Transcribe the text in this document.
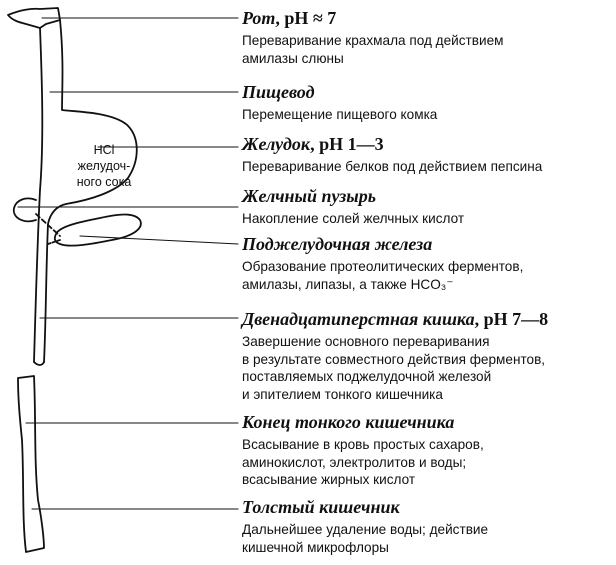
HCl
желудоч-
ного сока
Рот, pH ≈ 7
Переваривание крахмала под действием
амилазы слюны
Пищевод
Перемещение пищевого комка
Желудок, pH 1—3
Переваривание белков под действием пепсина
Желчный пузырь
Накопление солей желчных кислот
Поджелудочная железа
Образование протеолитических ферментов,
амилазы, липазы, а также HCO₃⁻
Двенадцатиперстная кишка, pH 7—8
Завершение основного переваривания
в результате совместного действия ферментов,
поставляемых поджелудочной железой
и эпителием тонкого кишечника
Конец тонкого кишечника
Всасывание в кровь простых сахаров,
аминокислот, электролитов и воды;
всасывание жирных кислот
Толстый кишечник
Дальнейшее удаление воды; действие
кишечной микрофлоры
